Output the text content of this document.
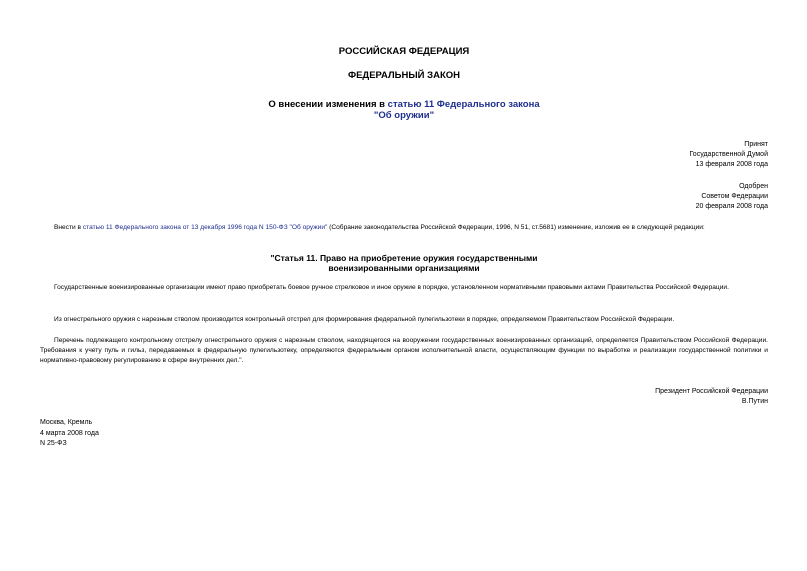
РОССИЙСКАЯ ФЕДЕРАЦИЯ
ФЕДЕРАЛЬНЫЙ ЗАКОН
О внесении изменения в статью 11 Федерального закона
"Об оружии"
Принят
Государственной Думой
13 февраля 2008 года
Одобрен
Советом Федерации
20 февраля 2008 года
Внести в статью 11 Федерального закона от 13 декабря 1996 года N 150-ФЗ "Об оружии" (Собрание законодательства Российской Федерации, 1996, N 51, ст.5681) изменение, изложив ее в следующей редакции:
"Статья 11. Право на приобретение оружия государственными
военизированными организациями
Государственные военизированные организации имеют право приобретать боевое ручное стрелковое и иное оружие в порядке, установленном нормативными правовыми актами Правительства Российской Федерации.
Из огнестрельного оружия с нарезным стволом производится контрольный отстрел для формирования федеральной пулегильзотеки в порядке, определяемом Правительством Российской Федерации.
Перечень подлежащего контрольному отстрелу огнестрельного оружия с нарезным стволом, находящегося на вооружении государственных военизированных организаций, определяется Правительством Российской Федерации. Требования к учету пуль и гильз, передаваемых в федеральную пулегильзотеку, определяются федеральным органом исполнительной власти, осуществляющим функции по выработке и реализации государственной политики и нормативно-правовому регулированию в сфере внутренних дел.".
Президент Российской Федерации
В.Путин
Москва, Кремль
4 марта 2008 года
N 25-ФЗ
